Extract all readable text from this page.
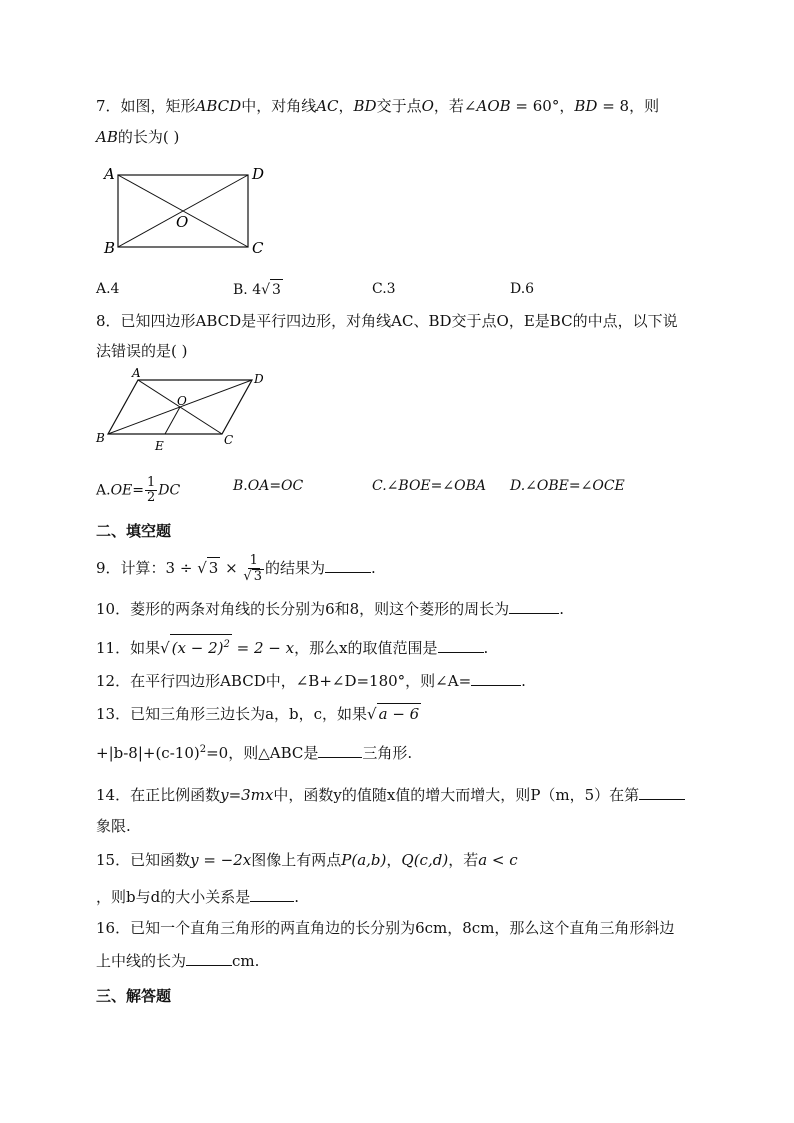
7．如图，矩形ABCD中，对角线AC，BD交于点O，若∠AOB = 60°，BD = 8，则
AB的长为( )
A	D
B	C
O
A.4	B. 4√ 3	C.3	D.6
8．已知四边形ABCD是平行四边形，对角线AC、BD交于点O，E是BC的中点，以下说
法错误的是( )
A	D
B	C
O
E
$A.OE= \frac{1}{2}$ DC	B.OA=OC	C.∠BOE=∠OBA D.∠OBE=∠OCE
二、填空题
9．计算：3 ÷ √ $3 \times \frac{1}{√ 3}$ 的结果为	.
10．菱形的两条对角线的长分别为6和8，则这个菱形的周长为	.
11．如果√ $(x - 2)^2 = 2 - x$，那么x的取值范围是	.
12．在平行四边形ABCD中，∠B+∠D=180°，则∠A=	.
13．已知三角形三边长为a，b，c，如果√ a − 6
$+|b-8|+(c-10)^2=0$，则△ABC是	三角形.
14．在正比例函数y=3mx中，函数y的值随x值的增大而增大，则P（m，5）在第
象限.
15．已知函数y = −2x图像上有两点P(a,b)，Q(c,d)，若a < c
，则b与d的大小关系是	.
16．已知一个直角三角形的两直角边的长分别为6cm，8cm，那么这个直角三角形斜边
上中线的长为	cm.
三、解答题
